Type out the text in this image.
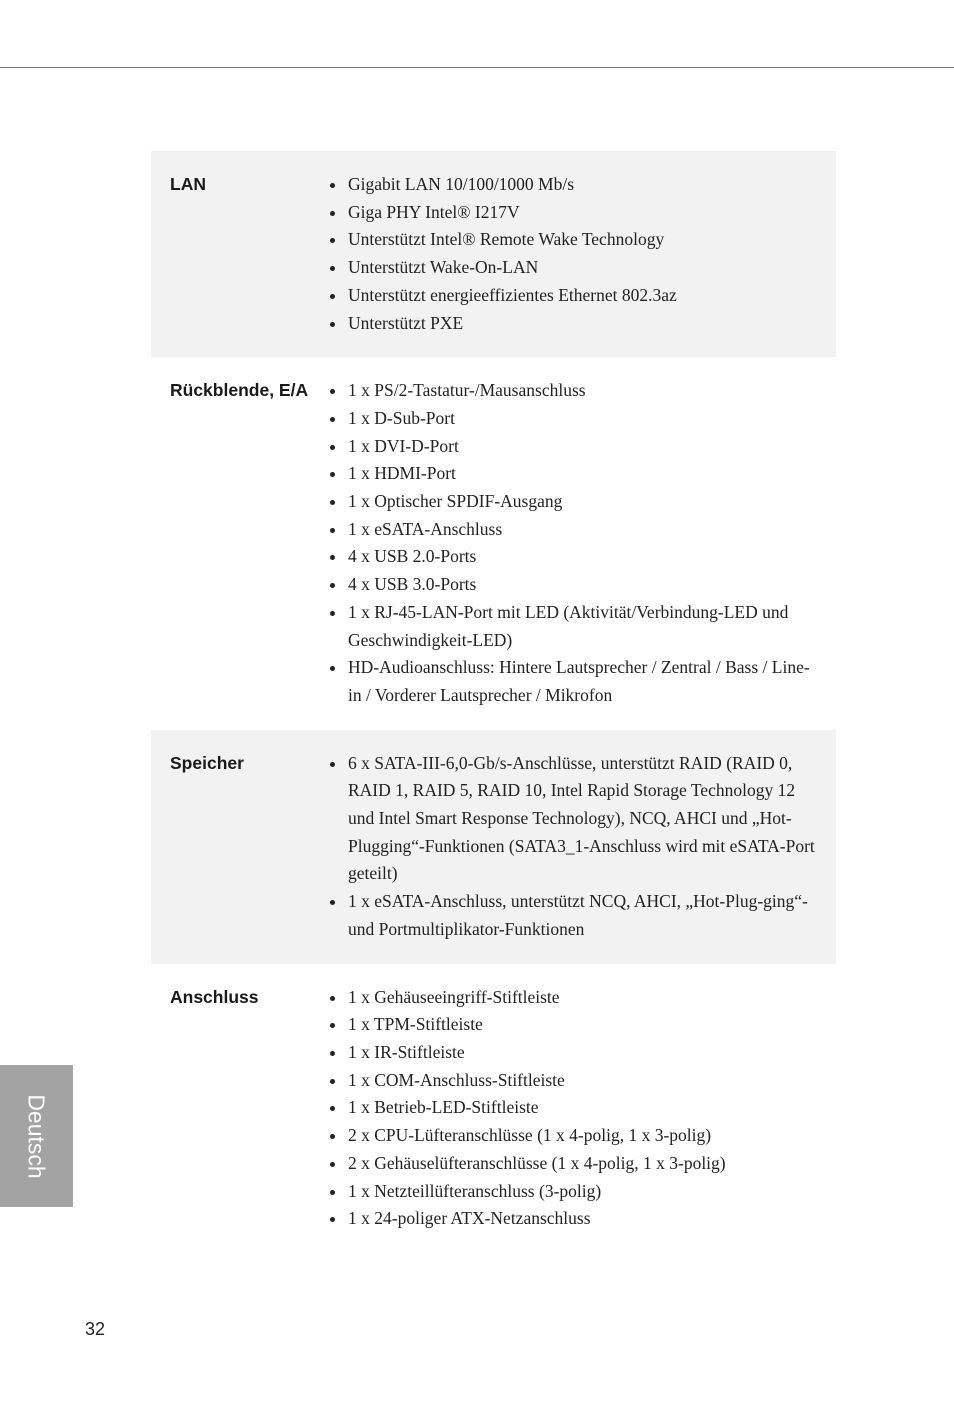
LAN	Gigabit LAN 10/100/1000 Mb/s
Giga PHY Intel® I217V
Unterstützt Intel® Remote Wake Technology
Unterstützt Wake-On-LAN
Unterstützt energieeffizientes Ethernet 802.3az
Unterstützt PXE
Rückblende, E/A	1 x PS/2-Tastatur-/Mausanschluss
1 x D-Sub-Port
1 x DVI-D-Port
1 x HDMI-Port
1 x Optischer SPDIF-Ausgang
1 x eSATA-Anschluss
4 x USB 2.0-Ports
4 x USB 3.0-Ports
1 x RJ-45-LAN-Port mit LED (Aktivität/Verbindung-LED und Geschwindigkeit-LED)
HD-Audioanschluss: Hintere Lautsprecher / Zentral / Bass / Line-in / Vorderer Lautsprecher / Mikrofon
Speicher	6 x SATA-III-6,0-Gb/s-Anschlüsse, unterstützt RAID (RAID 0, RAID 1, RAID 5, RAID 10, Intel Rapid Storage Technology 12 und Intel Smart Response Technology), NCQ, AHCI und „Hot-Plugging“-Funktionen (SATA3_1-Anschluss wird mit eSATA-Port geteilt)
1 x eSATA-Anschluss, unterstützt NCQ, AHCI, „Hot-Plug-ging“- und Portmultiplikator-Funktionen
Anschluss	1 x Gehäuseeingriff-Stiftleiste
1 x TPM-Stiftleiste
1 x IR-Stiftleiste
1 x COM-Anschluss-Stiftleiste
1 x Betrieb-LED-Stiftleiste
2 x CPU-Lüfteranschlüsse (1 x 4-polig, 1 x 3-polig)
2 x Gehäuselüfteranschlüsse (1 x 4-polig, 1 x 3-polig)
1 x Netzteillüfteranschluss (3-polig)
1 x 24-poliger ATX-Netzanschluss
Deutsch
32
